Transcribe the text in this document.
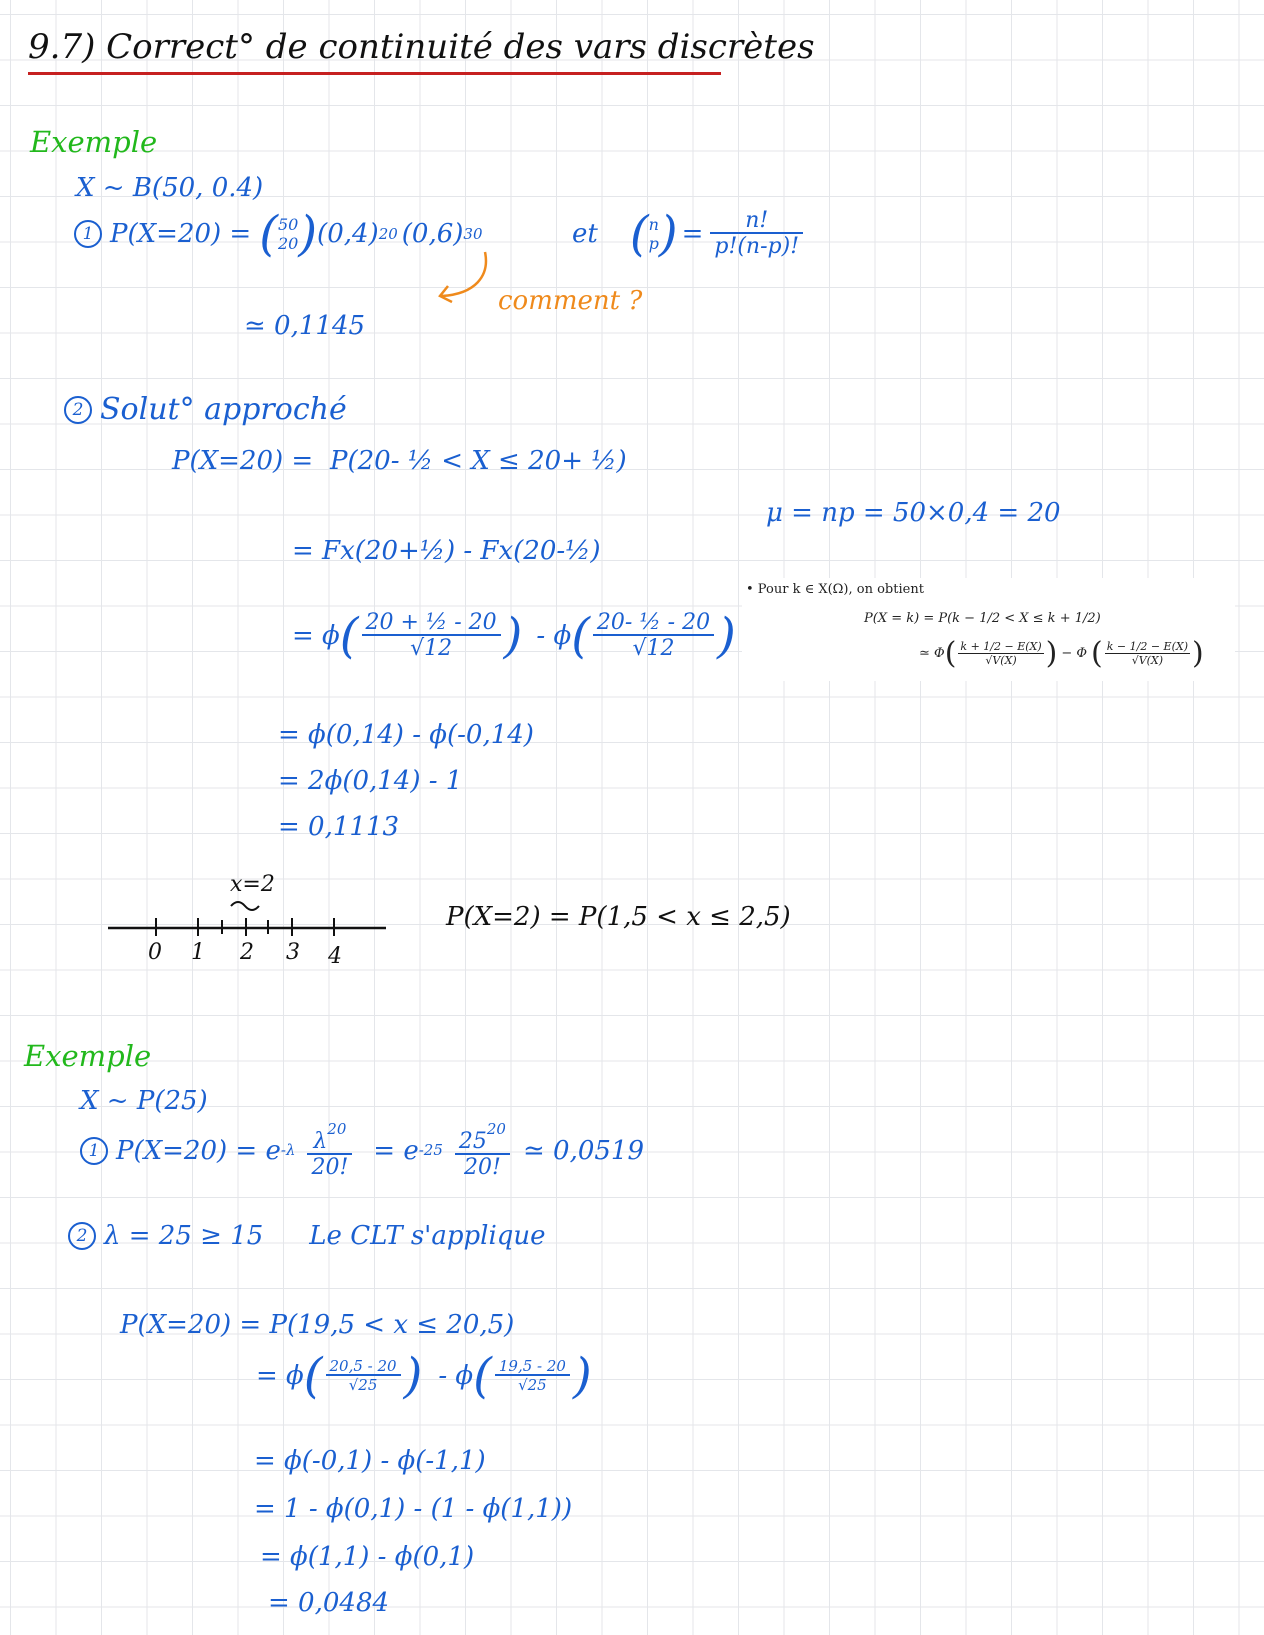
9.7) Correct° de continuité des vars discrètes
Exemple
X ~ B(50, 0.4)
1 P(X=20) = ( 50
20 ) (0,4) 20 (0,6) 30	et ( n
p ) = $\frac{n!}{p!(n-p)!}$
≃ 0,1145
comment ?
2 Solut° approché
P(X=20) = P(20- ½ < X ≤ 20+ ½)
μ = np = 50×0,4 = 20
= Fx(20+½) - Fx(20-½)
= ϕ ( $\frac{\text{20 + ½ - 20}}{√12}$ ) - ϕ ( $\frac{\text{20- ½ - 20}}{√12}$ )
= ϕ(0,14) - ϕ(-0,14)
= 2ϕ(0,14) - 1
= 0,1113
x=2
0 1 2 3 4
P(X=2) = P(1,5 < x ≤ 2,5)
• Pour k ∈ X(Ω), on obtient
P(X = k) = P(k − 1/2 < X ≤ k + 1/2)
≃ Φ ( k + 1/2 − E(X)
√V(X) ) − Φ ( k − 1/2 − E(X)
√V(X) )
Exemple
X ~ P(25)
1 P(X=20) = e $-\lambda \frac{\lambda^{20}}{20!} = e$ $-25 \frac{25^{20}}{20!}$ ≃ 0,0519
2 λ = 25 ≥ 15 Le CLT s'applique
P(X=20) = P(19,5 < x ≤ 20,5)
= ϕ ( $\frac{20,5 - 20}{√25}$ ) - ϕ ( $\frac{19,5 - 20}{√25}$ )
= ϕ(-0,1) - ϕ(-1,1)
= 1 - ϕ(0,1) - (1 - ϕ(1,1))
= ϕ(1,1) - ϕ(0,1)
= 0,0484
